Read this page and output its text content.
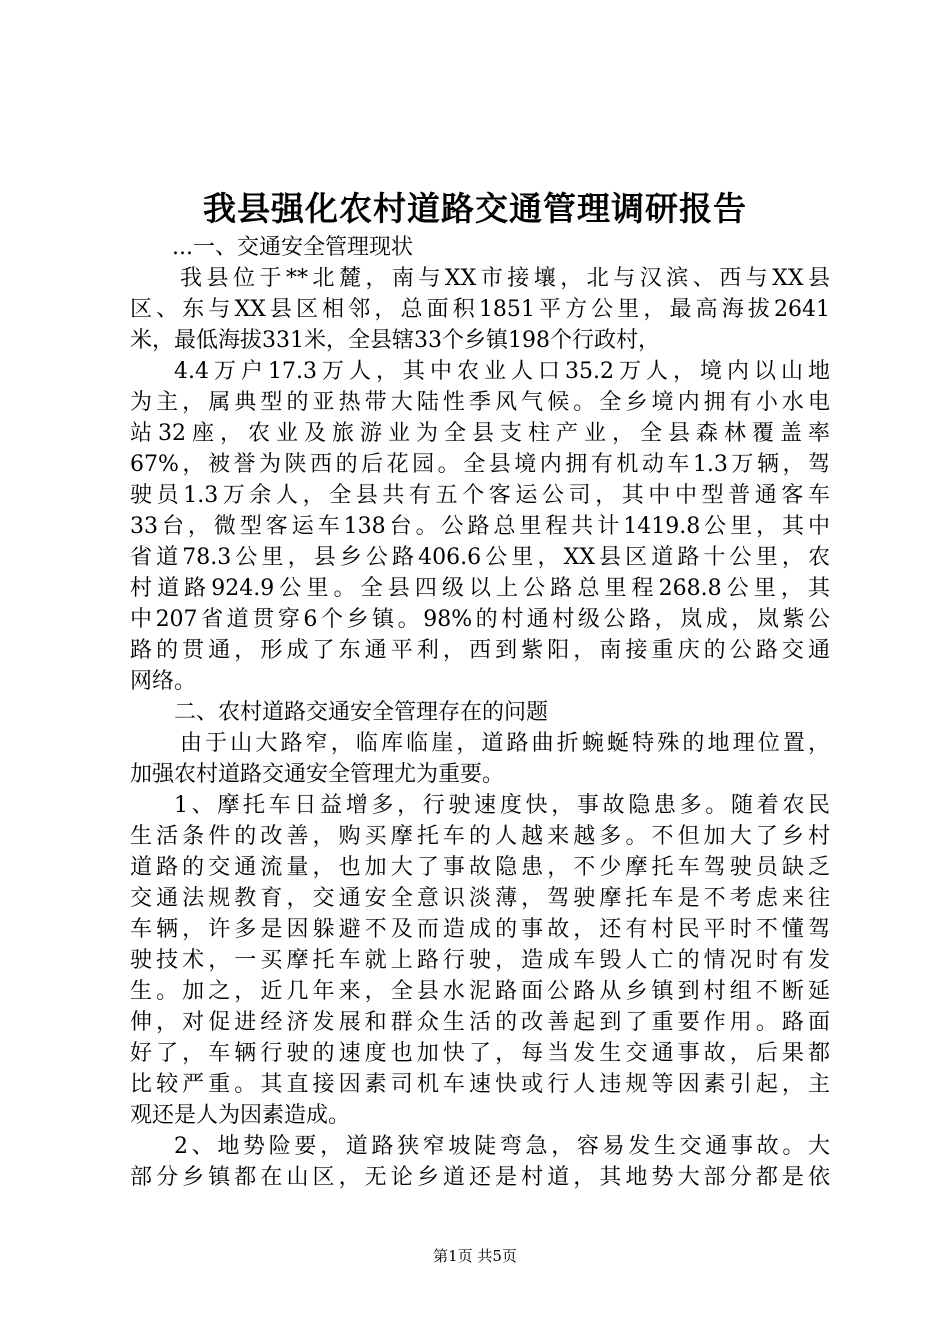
我县强化农村道路交通管理调研报告
...一、交通安全管理现状
我县位于**北麓，南与XX市接壤，北与汉滨、西与XX县
区、东与XX县区相邻，总面积1851平方公里，最高海拔2641
米，最低海拔331米，全县辖33个乡镇198个行政村，
4.4万户17.3万人，其中农业人口35.2万人，境内以山地
为主，属典型的亚热带大陆性季风气候。全乡境内拥有小水电
站32座，农业及旅游业为全县支柱产业，全县森林覆盖率
67%，被誉为陕西的后花园。全县境内拥有机动车1.3万辆，驾
驶员1.3万余人，全县共有五个客运公司，其中中型普通客车
33台，微型客运车138台。公路总里程共计1419.8公里，其中
省道78.3公里，县乡公路406.6公里，XX县区道路十公里，农
村道路924.9公里。全县四级以上公路总里程268.8公里，其
中207省道贯穿6个乡镇。98%的村通村级公路，岚成，岚紫公
路的贯通，形成了东通平利，西到紫阳，南接重庆的公路交通
网络。
二、农村道路交通安全管理存在的问题
由于山大路窄，临库临崖，道路曲折蜿蜒特殊的地理位置，
加强农村道路交通安全管理尤为重要。
1、摩托车日益增多，行驶速度快，事故隐患多。随着农民
生活条件的改善，购买摩托车的人越来越多。不但加大了乡村
道路的交通流量，也加大了事故隐患，不少摩托车驾驶员缺乏
交通法规教育，交通安全意识淡薄，驾驶摩托车是不考虑来往
车辆，许多是因躲避不及而造成的事故，还有村民平时不懂驾
驶技术，一买摩托车就上路行驶，造成车毁人亡的情况时有发
生。加之，近几年来，全县水泥路面公路从乡镇到村组不断延
伸，对促进经济发展和群众生活的改善起到了重要作用。路面
好了，车辆行驶的速度也加快了，每当发生交通事故，后果都
比较严重。其直接因素司机车速快或行人违规等因素引起，主
观还是人为因素造成。
2、地势险要，道路狭窄坡陡弯急，容易发生交通事故。大
部分乡镇都在山区，无论乡道还是村道，其地势大部分都是依
第1页 共5页
